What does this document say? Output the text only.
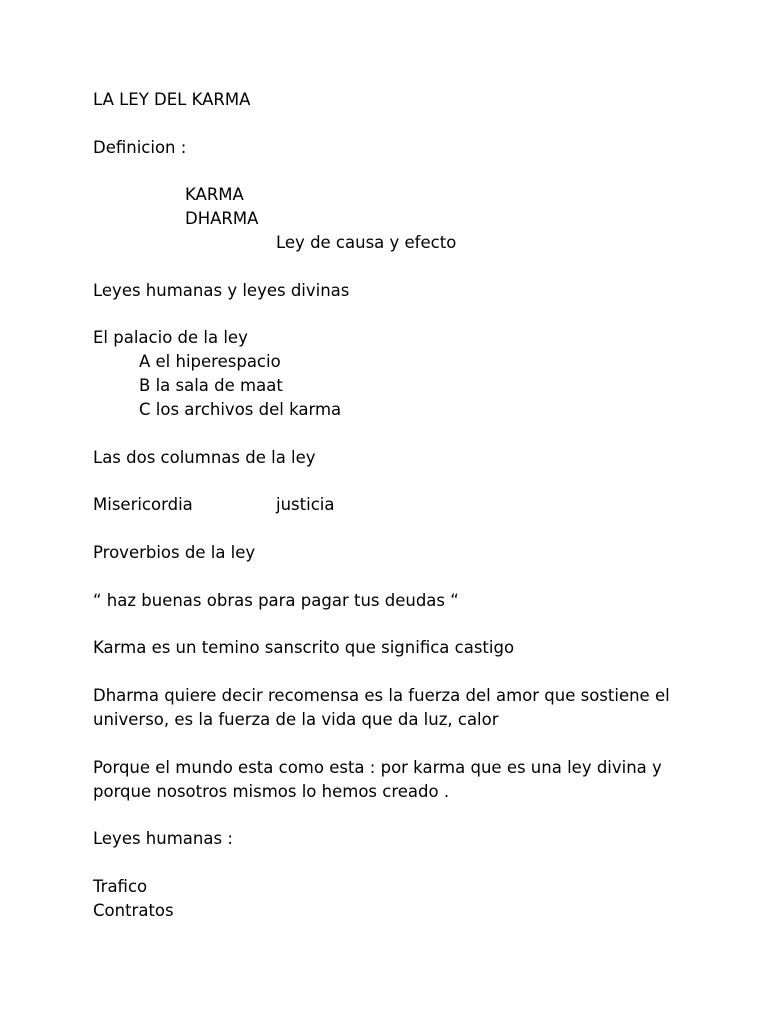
LA LEY DEL KARMA
Definicion :
KARMA
DHARMA
Ley de causa y efecto
Leyes humanas y leyes divinas
El palacio de la ley
A el hiperespacio
B la sala de maat
C los archivos del karma
Las dos columnas de la ley
Misericordia	justicia
Proverbios de la ley
“ haz buenas obras para pagar tus deudas “
Karma es un temino sanscrito que significa castigo
Dharma quiere decir recomensa es la fuerza del amor que sostiene el
universo, es la fuerza de la vida que da luz, calor
Porque el mundo esta como esta : por karma que es una ley divina y
porque nosotros mismos lo hemos creado .
Leyes humanas :
Trafico
Contratos
